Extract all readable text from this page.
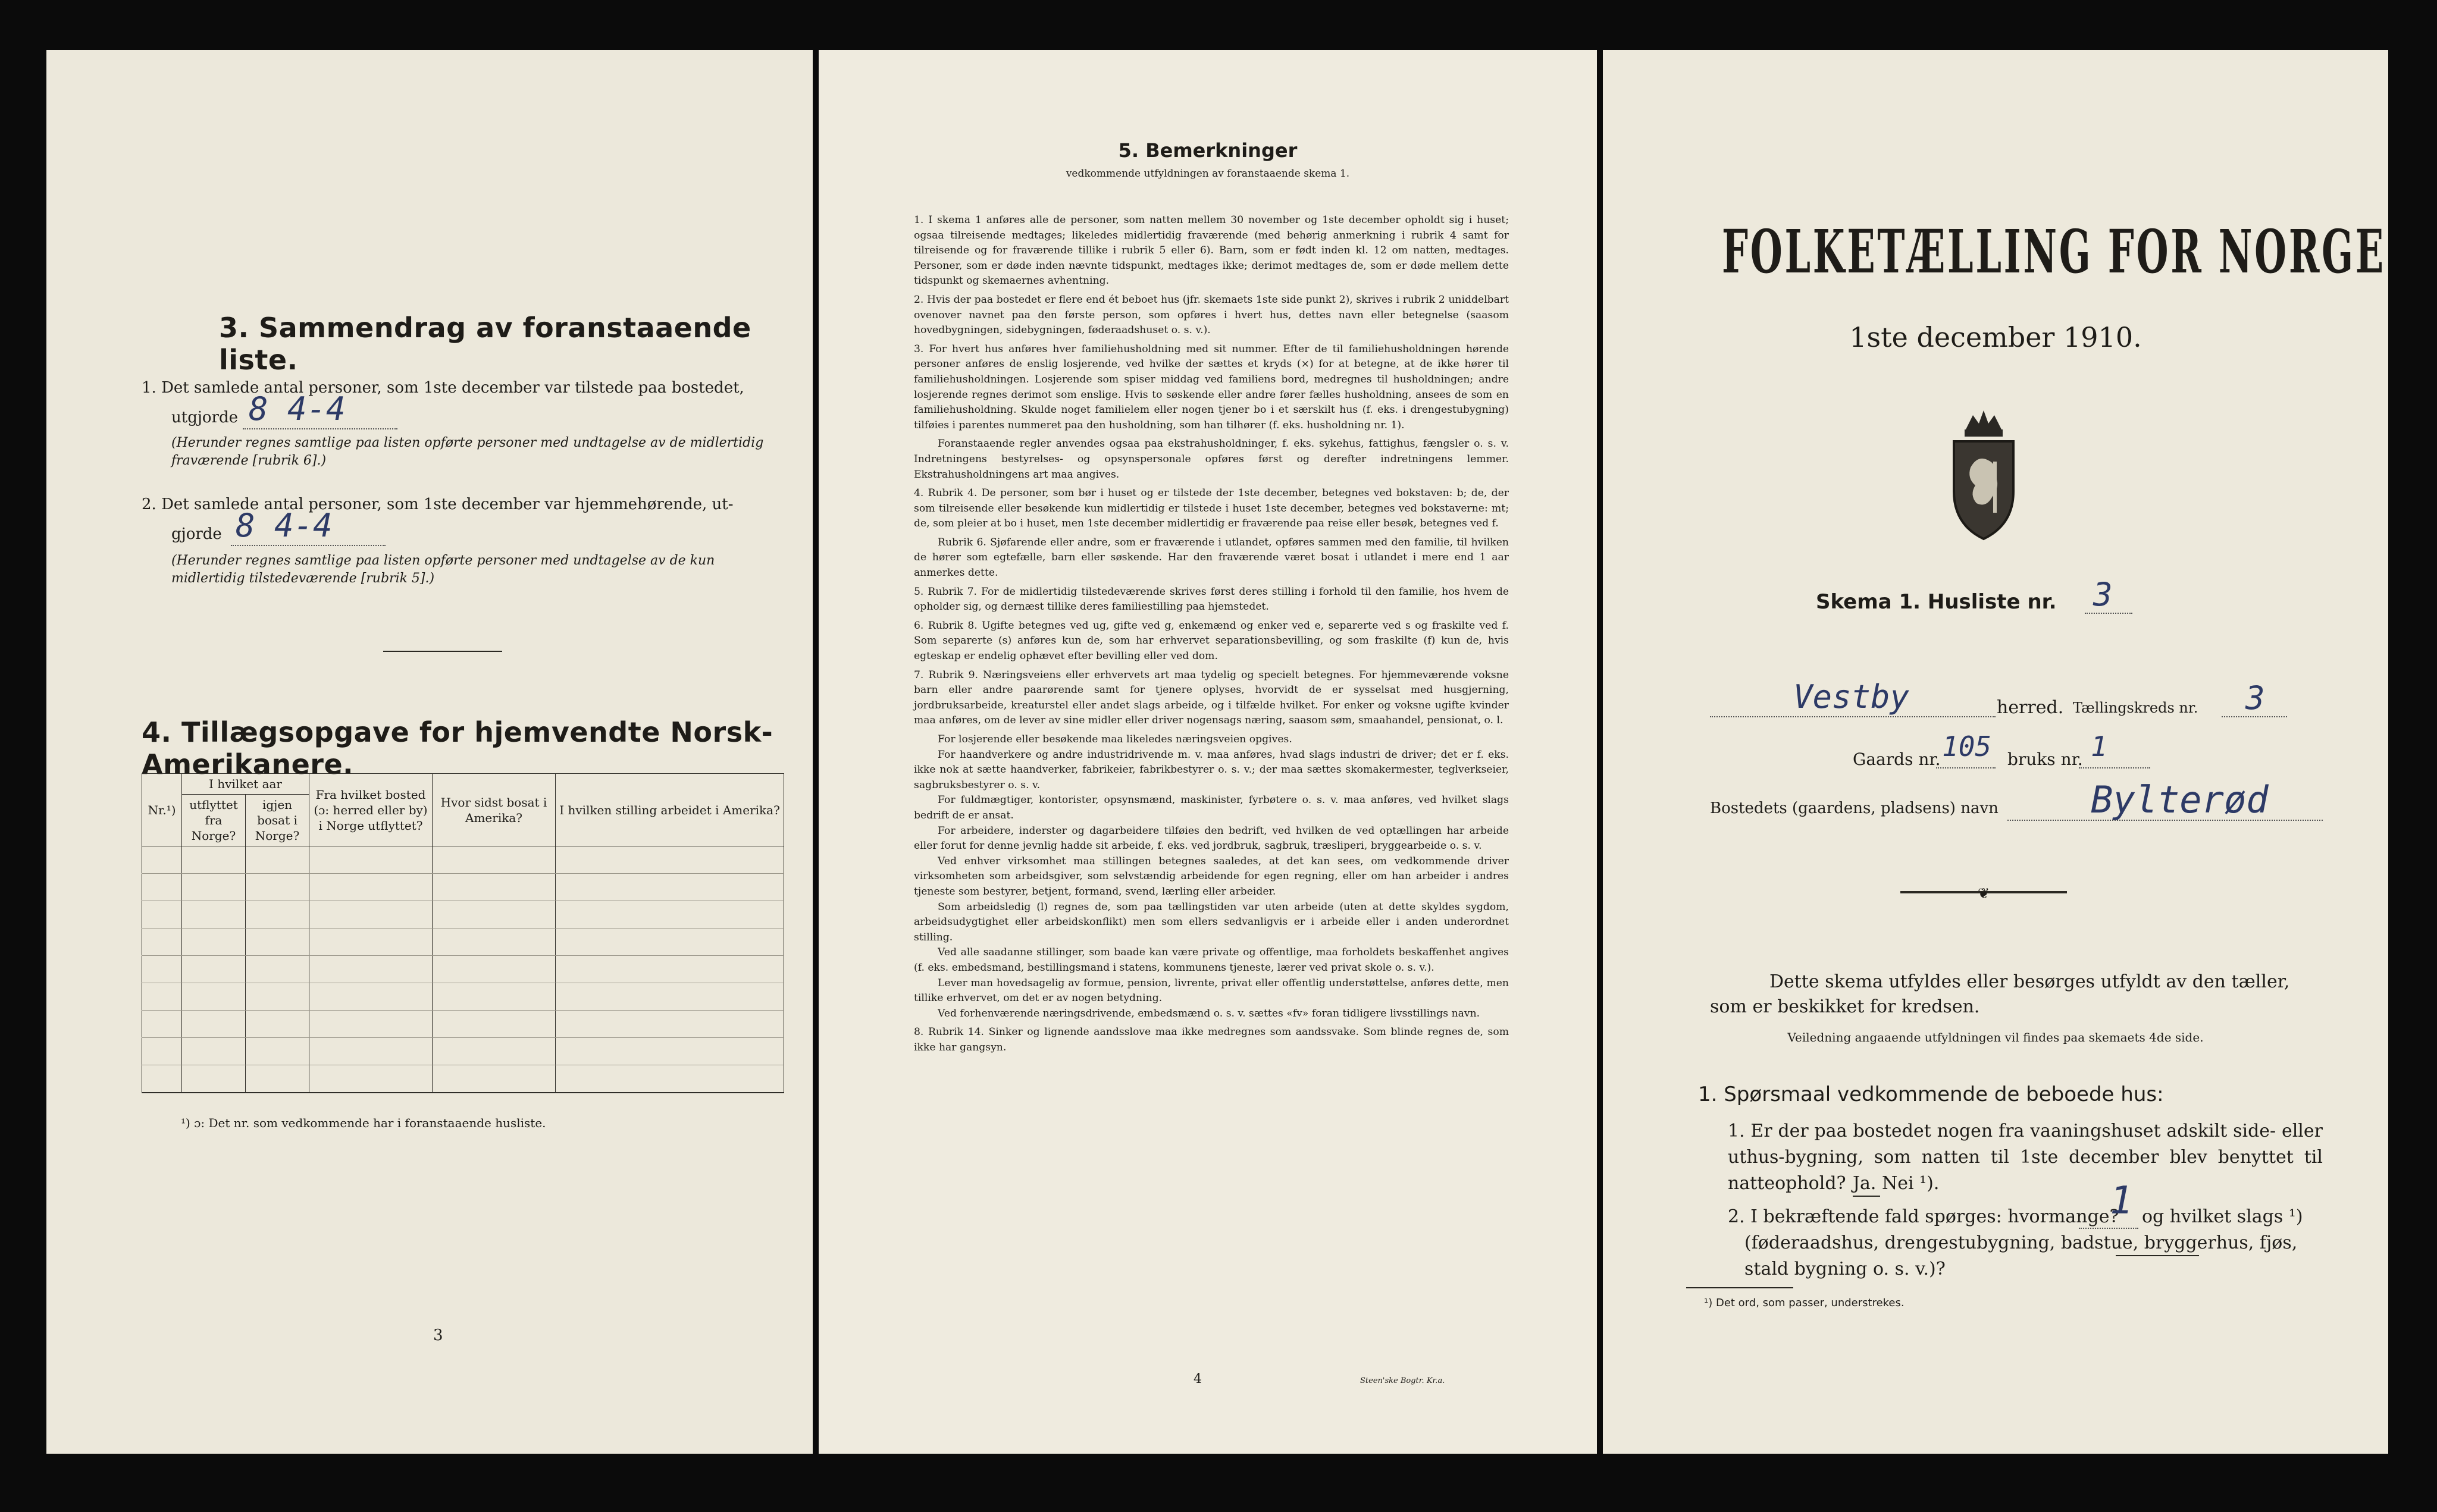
3. Sammendrag av foranstaaende liste.
1. Det samlede antal personer, som 1ste december var tilstede paa bostedet,
utgjorde 8 4-4
(Herunder regnes samtlige paa listen opførte personer med undtagelse av de midlertidig fraværende [rubrik 6].)
2. Det samlede antal personer, som 1ste december var hjemmehørende, ut-
gjorde 8 4-4
(Herunder regnes samtlige paa listen opførte personer med undtagelse av de kun midlertidig tilstedeværende [rubrik 5].)
4. Tillægsopgave for hjemvendte Norsk-Amerikanere.
Nr.¹)	I hvilket aar		Fra hvilket bosted (ɔ: herred eller by) i Norge utflyttet?	Hvor sidst bosat i Amerika?	I hvilken stilling arbeidet i Amerika?
	utflyttet fra Norge?	igjen bosat i Norge?			

¹) ɔ: Det nr. som vedkommende har i foranstaaende husliste.
3
5. Bemerkninger
vedkommende utfyldningen av foranstaaende skema 1.

1. I skema 1 anføres alle de personer, som natten mellem 30 november og 1ste december opholdt sig i huset; ogsaa tilreisende medtages; likeledes midlertidig fraværende (med behørig anmerkning i rubrik 4 samt for tilreisende og for fraværende tillike i rubrik 5 eller 6). Barn, som er født inden kl. 12 om natten, medtages. Personer, som er døde inden nævnte tidspunkt, medtages ikke; derimot medtages de, som er døde mellem dette tidspunkt og skemaernes avhentning.

2. Hvis der paa bostedet er flere end ét beboet hus (jfr. skemaets 1ste side punkt 2), skrives i rubrik 2 uniddelbart ovenover navnet paa den første person, som opføres i hvert hus, dettes navn eller betegnelse (saasom hovedbygningen, sidebygningen, føderaadshuset o. s. v.).

3. For hvert hus anføres hver familiehusholdning med sit nummer. Efter de til familiehusholdningen hørende personer anføres de enslig losjerende, ved hvilke der sættes et kryds (×) for at betegne, at de ikke hører til familiehusholdningen. Losjerende som spiser middag ved familiens bord, medregnes til husholdningen; andre losjerende regnes derimot som enslige. Hvis to søskende eller andre fører fælles husholdning, ansees de som en familiehusholdning. Skulde noget familielem eller nogen tjener bo i et særskilt hus (f. eks. i drengestubygning) tilføies i parentes nummeret paa den husholdning, som han tilhører (f. eks. husholdning nr. 1).

Foranstaaende regler anvendes ogsaa paa ekstrahusholdninger, f. eks. sykehus, fattighus, fængsler o. s. v. Indretningens bestyrelses- og opsynspersonale opføres først og derefter indretningens lemmer. Ekstrahusholdningens art maa angives.

4. Rubrik 4. De personer, som bør i huset og er tilstede der 1ste december, betegnes ved bokstaven: b; de, der som tilreisende eller besøkende kun midlertidig er tilstede i huset 1ste december, betegnes ved bokstaverne: mt; de, som pleier at bo i huset, men 1ste december midlertidig er fraværende paa reise eller besøk, betegnes ved f.

Rubrik 6. Sjøfarende eller andre, som er fraværende i utlandet, opføres sammen med den familie, til hvilken de hører som egtefælle, barn eller søskende. Har den fraværende været bosat i utlandet i mere end 1 aar anmerkes dette.

5. Rubrik 7. For de midlertidig tilstedeværende skrives først deres stilling i forhold til den familie, hos hvem de opholder sig, og dernæst tillike deres familiestilling paa hjemstedet.

6. Rubrik 8. Ugifte betegnes ved ug, gifte ved g, enkemænd og enker ved e, separerte ved s og fraskilte ved f. Som separerte (s) anføres kun de, som har erhvervet separationsbevilling, og som fraskilte (f) kun de, hvis egteskap er endelig ophævet efter bevilling eller ved dom.

7. Rubrik 9. Næringsveiens eller erhvervets art maa tydelig og specielt betegnes. For hjemmeværende voksne barn eller andre paarørende samt for tjenere oplyses, hvorvidt de er sysselsat med husgjerning, jordbruksarbeide, kreaturstel eller andet slags arbeide, og i tilfælde hvilket. For enker og voksne ugifte kvinder maa anføres, om de lever av sine midler eller driver nogensags næring, saasom søm, smaahandel, pensionat, o. l.

For losjerende eller besøkende maa likeledes næringsveien opgives.

For haandverkere og andre industridrivende m. v. maa anføres, hvad slags industri de driver; det er f. eks. ikke nok at sætte haandverker, fabrikeier, fabrikbestyrer o. s. v.; der maa sættes skomakermester, teglverkseier, sagbruksbestyrer o. s. v.

For fuldmægtiger, kontorister, opsynsmænd, maskinister, fyrbøtere o. s. v. maa anføres, ved hvilket slags bedrift de er ansat.

For arbeidere, inderster og dagarbeidere tilføies den bedrift, ved hvilken de ved optællingen har arbeide eller forut for denne jevnlig hadde sit arbeide, f. eks. ved jordbruk, sagbruk, træsliperi, bryggearbeide o. s. v.

Ved enhver virksomhet maa stillingen betegnes saaledes, at det kan sees, om vedkommende driver virksomheten som arbeidsgiver, som selvstændig arbeidende for egen regning, eller om han arbeider i andres tjeneste som bestyrer, betjent, formand, svend, lærling eller arbeider.

Som arbeidsledig (l) regnes de, som paa tællingstiden var uten arbeide (uten at dette skyldes sygdom, arbeidsudygtighet eller arbeidskonflikt) men som ellers sedvanligvis er i arbeide eller i anden underordnet stilling.

Ved alle saadanne stillinger, som baade kan være private og offentlige, maa forholdets beskaffenhet angives (f. eks. embedsmand, bestillingsmand i statens, kommunens tjeneste, lærer ved privat skole o. s. v.).

Lever man hovedsagelig av formue, pension, livrente, privat eller offentlig understøttelse, anføres dette, men tillike erhvervet, om det er av nogen betydning.

Ved forhenværende næringsdrivende, embedsmænd o. s. v. sættes «fv» foran tidligere livsstillings navn.

8. Rubrik 14. Sinker og lignende aandsslove maa ikke medregnes som aandssvake. Som blinde regnes de, som ikke har gangsyn.

4	Steen'ske Bogtr. Kr.a.
FOLKETÆLLING FOR NORGE
1ste december 1910.
Skema 1. Husliste nr. 3
Vestby	herred. Tællingskreds nr. 3
Gaards nr. 105 bruks nr. 1
Bostedets (gaardens, pladsens) navn	Bylterød
❦
Dette skema utfyldes eller besørges utfyldt av den tæller, som er beskikket for kredsen.
Veiledning angaaende utfyldningen vil findes paa skemaets 4de side.
1. Spørsmaal vedkommende de beboede hus:
1. Er der paa bostedet nogen fra vaaningshuset adskilt side- eller uthus-bygning, som natten til 1ste december blev benyttet til natteophold? Ja. Nei ¹).
2. I bekræftende fald spørges: hvormange?
1 og hvilket slags ¹)
(føderaadshus, drengestubygning, badstue, bryggerhus, fjøs, stald bygning o. s. v.)?
¹) Det ord, som passer, understrekes.
